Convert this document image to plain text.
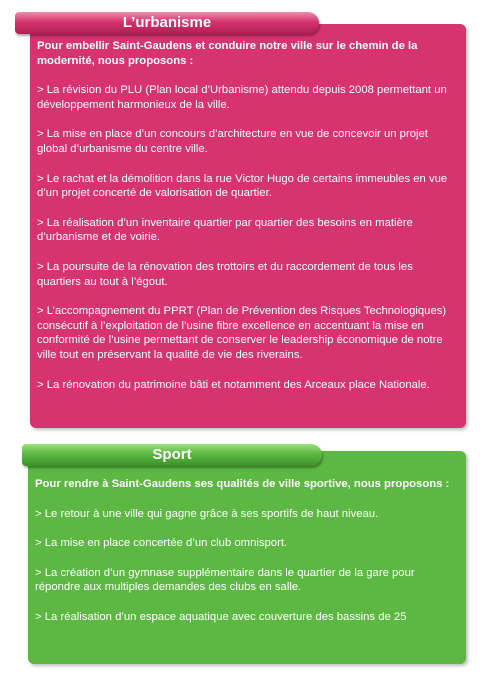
Pour embellir Saint-Gaudens et conduire notre ville sur le chemin de la modernité, nous proposons :

> La révision du PLU (Plan local d’Urbanisme) attendu depuis 2008 permettant un développement harmonieux de la ville.

> La mise en place d’un concours d’architecture en vue de concevoir un projet global d’urbanisme du centre ville.

> Le rachat et la démolition dans la rue Victor Hugo de certains immeubles en vue d’un projet concerté de valorisation de quartier.

> La réalisation d’un inventaire quartier par quartier des besoins en matière d’urbanisme et de voirie.

> La poursuite de la rénovation des trottoirs et du raccordement de tous les quartiers au tout à l’égout.

> L’accompagnement du PPRT (Plan de Prévention des Risques Technologiques) consécutif à l’exploitation de l’usine fibre excellence en accentuant la mise en conformité de l’usine permettant de conserver le leadership économique de notre ville tout en préservant la qualité de vie des riverains.

> La rénovation du patrimoine bâti et notamment des Arceaux place Nationale.

L’urbanisme

Pour rendre à Saint-Gaudens ses qualités de ville sportive, nous proposons :

> Le retour à une ville qui gagne grâce à ses sportifs de haut niveau.

> La mise en place concertée d’un club omnisport.

> La création d’un gymnase supplémentaire dans le quartier de la gare pour répondre aux multiples demandes des clubs en salle.

> La réalisation d’un espace aquatique avec couverture des bassins de 25

Sport
